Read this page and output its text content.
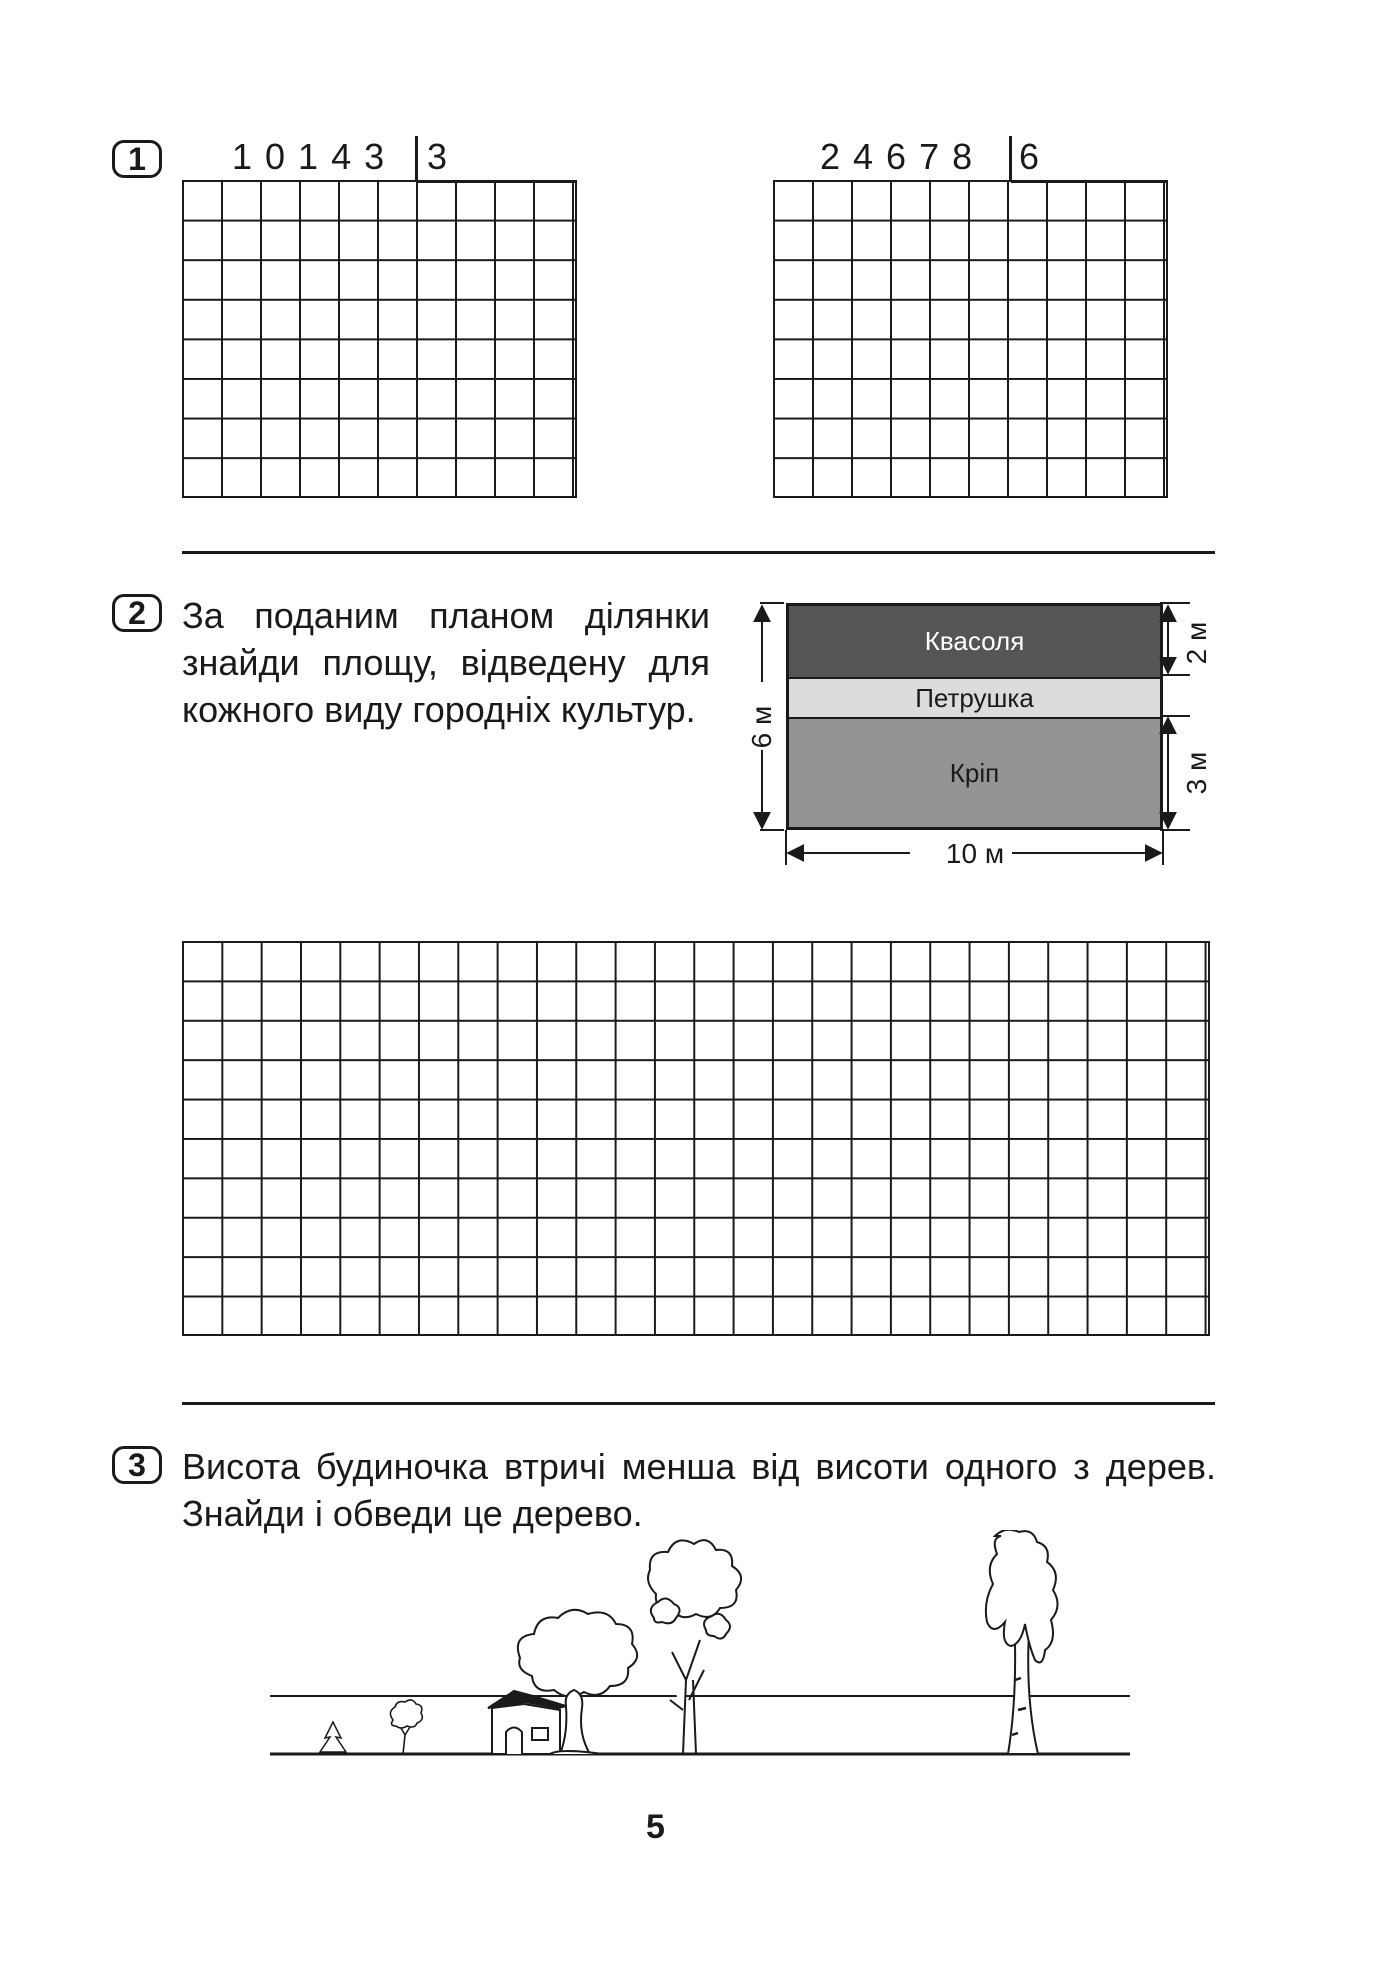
1	10143 3	24678 6
2	За поданим планом ділянки знайди площу, відведену для кожного виду городніх культур.
Квасоля
Петрушка
Кріп
6 м
2 м
3 м
10 м
3	Висота будиночка втричі менша від висоти одного з дерев. Знайди і обведи це дерево.
5
